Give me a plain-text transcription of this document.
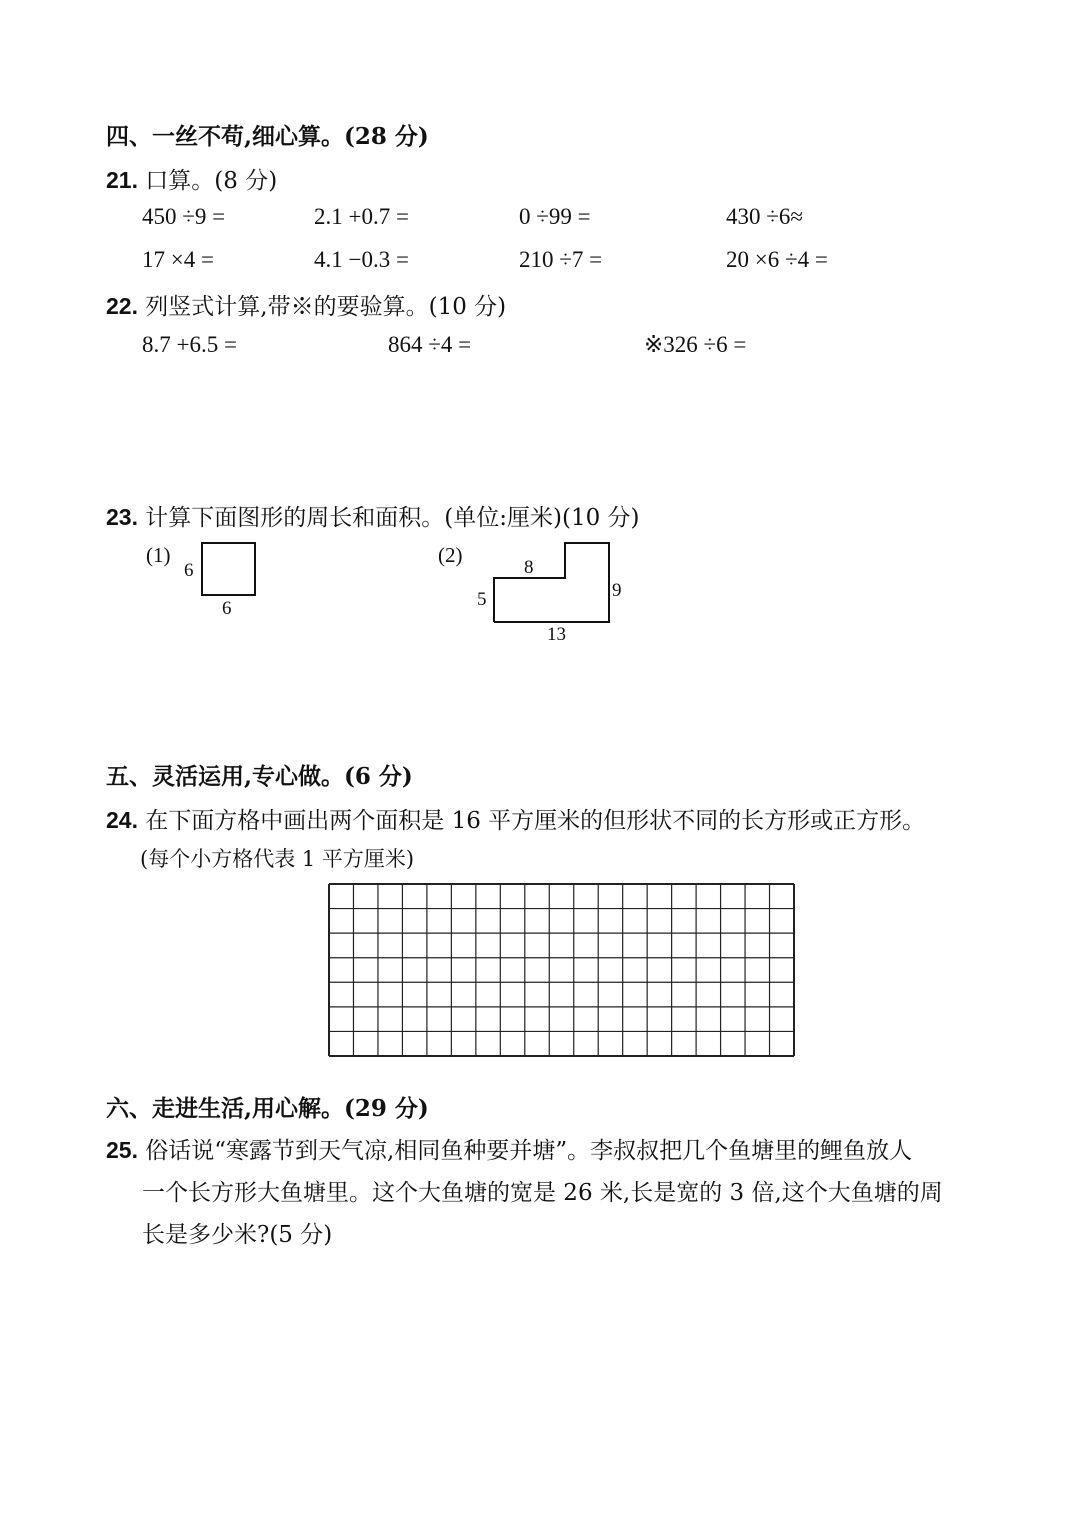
四、一丝不苟,细心算。(28 分)
21. 口算。(8 分)
450 ÷9 =	2.1 +0.7 =	0 ÷99 =	430 ÷6≈
17 ×4 =	4.1 −0.3 =	210 ÷7 =	20 ×6 ÷4 =
22. 列竖式计算,带※的要验算。(10 分)
8.7 +6.5 =	864 ÷4 =	※326 ÷6 =
23. 计算下面图形的周长和面积。(单位:厘米)(10 分)
(1)
6
6
(2)
8
5	9
13
五、灵活运用,专心做。(6 分)
24. 在下面方格中画出两个面积是 16 平方厘米的但形状不同的长方形或正方形。
(每个小方格代表 1 平方厘米)
六、走进生活,用心解。(29 分)
25. 俗话说“寒露节到天气凉,相同鱼种要并塘”。李叔叔把几个鱼塘里的鲤鱼放人
一个长方形大鱼塘里。这个大鱼塘的宽是 26 米,长是宽的 3 倍,这个大鱼塘的周
长是多少米?(5 分)
